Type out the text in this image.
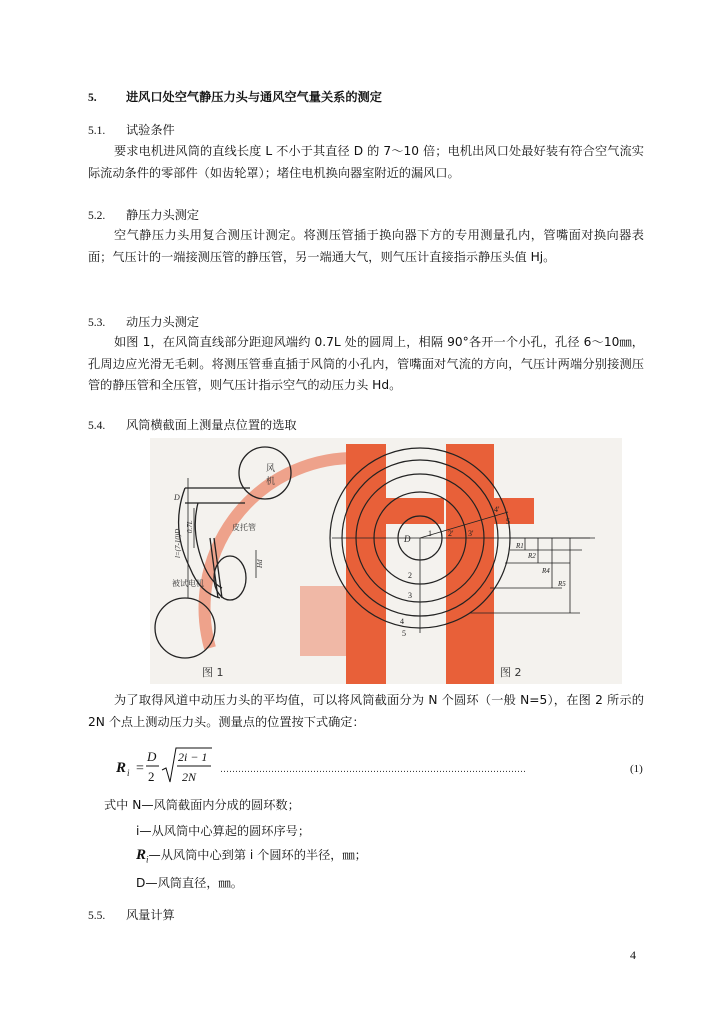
5. 进风口处空气静压力头与通风空气量关系的测定
5.1. 试验条件
要求电机进风筒的直线长度 L 不小于其直径 D 的 7～10 倍；电机出风口处最好装有符合空气流实际流动条件的零部件（如齿轮罩）；堵住电机换向器室附近的漏风口。
5.2. 静压力头测定
空气静压力头用复合测压计测定。将测压管插于换向器下方的专用测量孔内，管嘴面对换向器表面；气压计的一端接测压管的静压管，另一端通大气，则气压计直接指示静压头值 Hj。
5.3. 动压力头测定
如图 1，在风筒直线部分距迎风端约 0.7L 处的圆周上，相隔 90°各开一个小孔，孔径 6～10㎜，孔周边应光滑无毛刺。将测压管垂直插于风筒的小孔内，管嘴面对气流的方向，气压计两端分别接测压管的静压管和全压管，则气压计指示空气的动压力头 Hd。
5.4. 风筒横截面上测量点位置的选取
风
机
皮托管
被试电机
D
l=(7-10)D
0.7L
Hd
D
1 2' 3'
4'
5
2
3
4
5
R1
R2
R4
R5
图 1	图 2
为了取得风道中动压力头的平均值，可以将风筒截面分为 N 个圆环（一般 N=5），在图 2 所示的 2N 个点上测动压力头。测量点的位置按下式确定：
R i =
D
2
2i − 1
2N	…………………………………………………………………………………………	(1)
式中 N—风筒截面内分成的圆环数；
i—从风筒中心算起的圆环序号；
$R_i—$从风筒中心到第 i 个圆环的半径，㎜；
D—风筒直径，㎜。
5.5. 风量计算
4
